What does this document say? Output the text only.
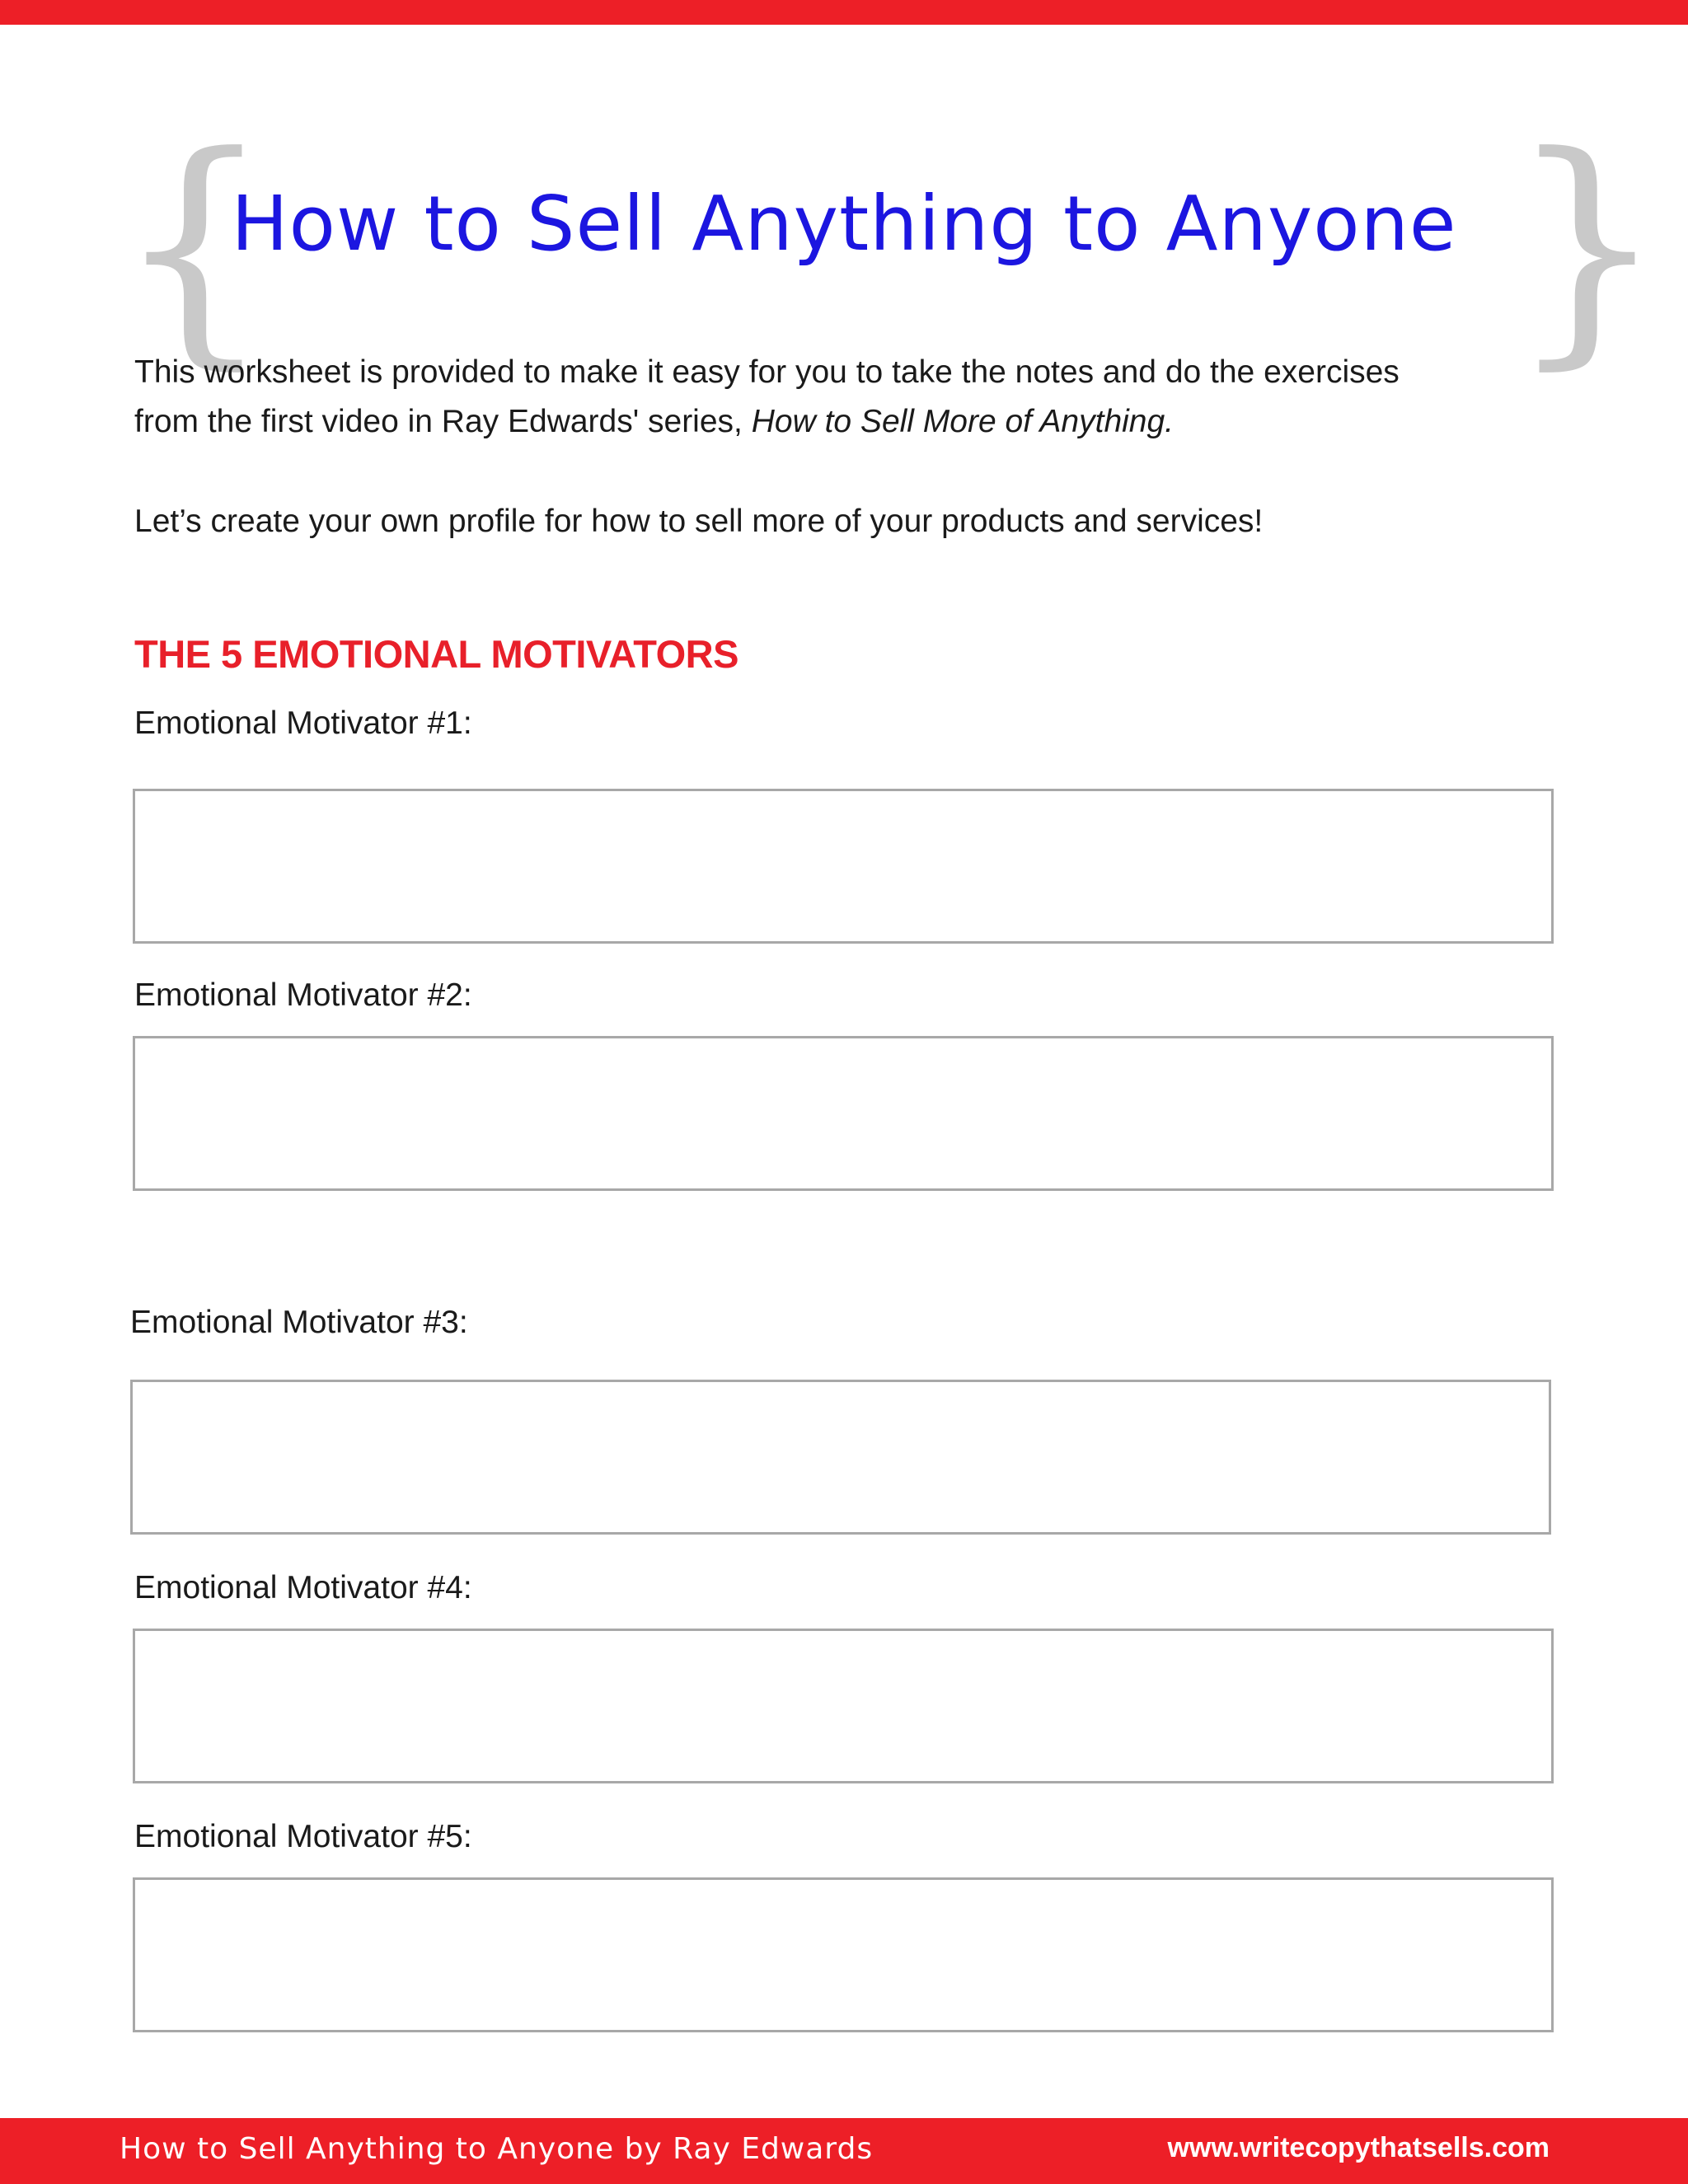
{
How to Sell Anything to Anyone }

This worksheet is provided to make it easy for you to take the notes and do the exercises
from the first video in Ray Edwards' series, How to Sell More of Anything.

Let’s create your own profile for how to sell more of your products and services!

THE 5 EMOTIONAL MOTIVATORS

Emotional Motivator #1:

Emotional Motivator #2:

Emotional Motivator #3:

Emotional Motivator #4:

Emotional Motivator #5:

How to Sell Anything to Anyone by Ray Edwards	www.writecopythatsells.com
